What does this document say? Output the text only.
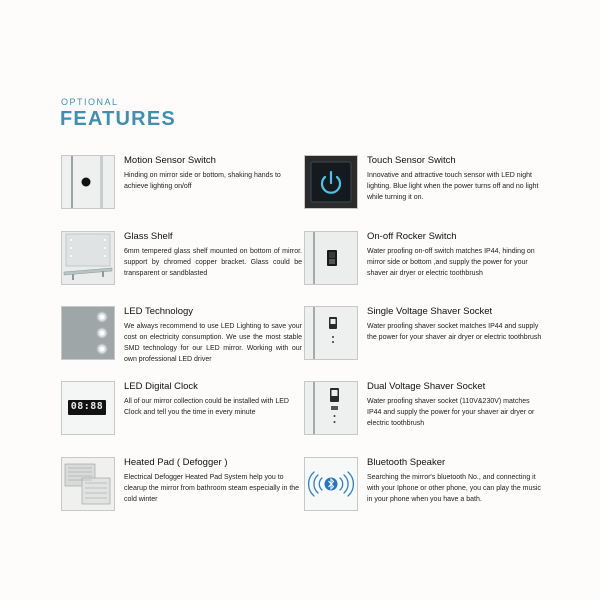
OPTIONAL
FEATURES
Motion Sensor Switch
Hinding on mirror side or bottom, shaking hands to achieve lighting on/off
Touch Sensor Switch
Innovative and attractive touch sensor with LED night lighting. Blue light when the power turns off and no light while turning it on.
Glass Shelf
6mm tempered glass shelf mounted on bottom of mirror. support by chromed copper bracket. Glass could be transparent or sandblasted
On-off Rocker Switch
Water proofing on-off switch matches IP44, hinding on mirror side or bottom ,and supply the power for your shaver air dryer or electric toothbrush
LED Technology
We always recommend to use LED Lighting to save your cost on electricity consumption. We use the most stable SMD technology for our LED mirror. Working with our own professional LED driver
Single Voltage Shaver Socket
Water proofing shaver socket matches IP44 and supply the power for your shaver air dryer or electric toothbrush
08:88
LED Digital Clock
All of our mirror collection could be installed with LED Clock and tell you the time in every minute
Dual Voltage Shaver Socket
Water proofing shaver socket (110V&230V) matches IP44 and supply the power for your shaver air dryer or electric toothbrush
Heated Pad ( Defogger )
Electrical Defogger Heated Pad System help you to clearup the mirror from bathroom steam especially in the cold winter
Bluetooth Speaker
Searching the mirror's bluetooth No., and connecting it with your Iphone or other phone, you can play the music in your phone when you have a bath.
